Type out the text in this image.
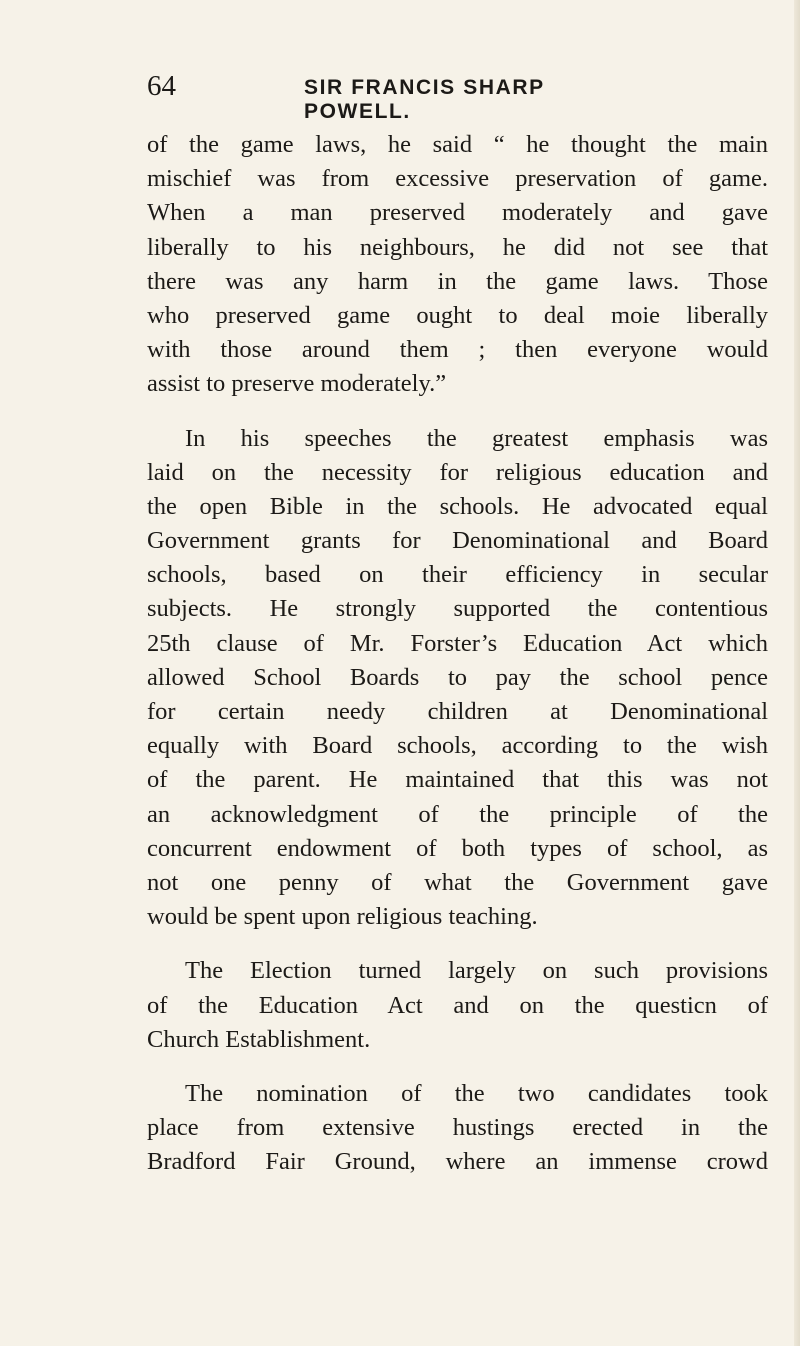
64	SIR FRANCIS SHARP POWELL.

of the game laws, he said “ he thought the main
mischief was from excessive preservation of game.
When a man preserved moderately and gave
liberally to his neighbours, he did not see that
there was any harm in the game laws. Those
who preserved game ought to deal moie liberally
with those around them ; then everyone would
assist to preserve moderately.”

In his speeches the greatest emphasis was
laid on the necessity for religious education and
the open Bible in the schools. He advocated equal
Government grants for Denominational and Board
schools, based on their efficiency in secular
subjects. He strongly supported the contentious
25th clause of Mr. Forster’s Education Act which
allowed School Boards to pay the school pence
for certain needy children at Denominational
equally with Board schools, according to the wish
of the parent. He maintained that this was not
an acknowledgment of the principle of the
concurrent endowment of both types of school, as
not one penny of what the Government gave
would be spent upon religious teaching.

The Election turned largely on such provisions
of the Education Act and on the questicn of
Church Establishment.

The nomination of the two candidates took
place from extensive hustings erected in the
Bradford Fair Ground, where an immense crowd
